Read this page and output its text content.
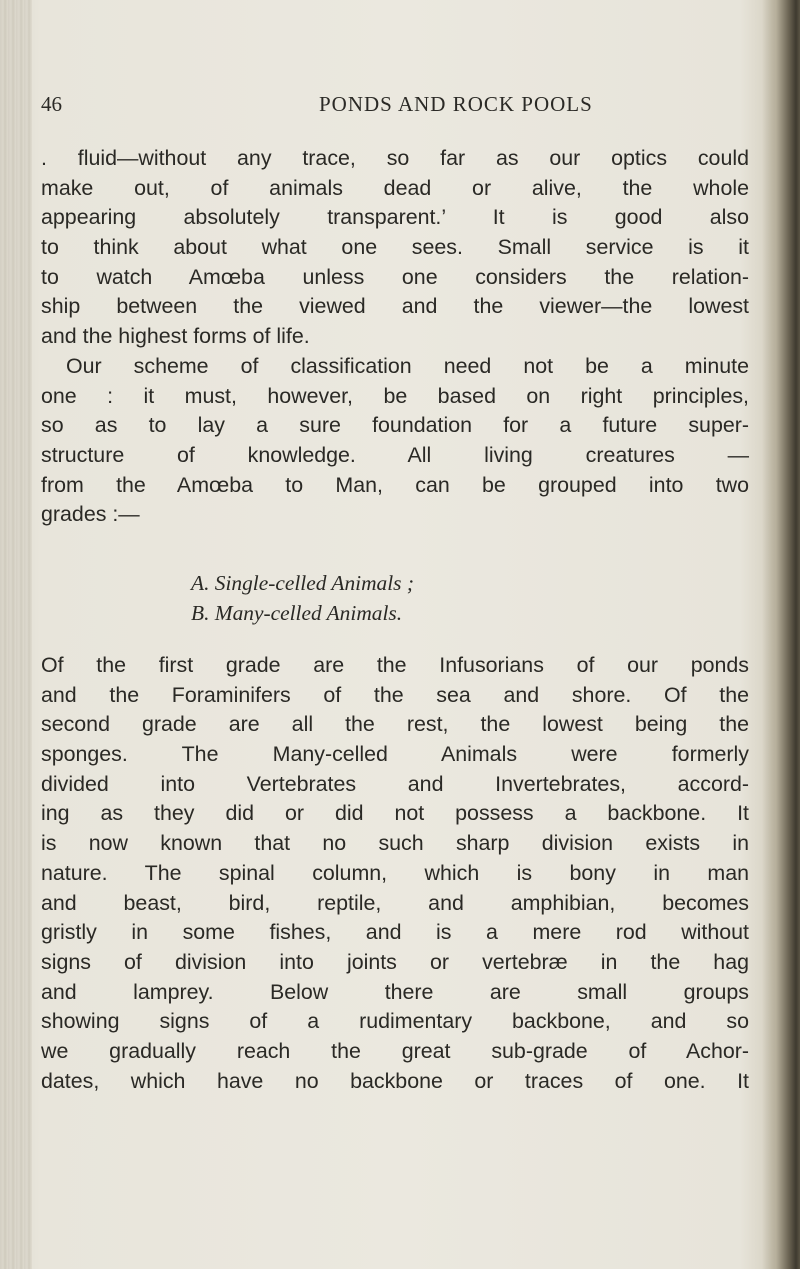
46	PONDS AND ROCK POOLS
. fluid—without any trace, so far as our optics could
make out, of animals dead or alive, the whole
appearing absolutely transparent.’ It is good also
to think about what one sees. Small service is it
to watch Amœba unless one considers the relation-
ship between the viewed and the viewer—the lowest
and the highest forms of life.
Our scheme of classification need not be a minute
one : it must, however, be based on right principles,
so as to lay a sure foundation for a future super-
structure of knowledge. All living creatures —
from the Amœba to Man, can be grouped into two
grades :—
A. Single-celled Animals ;
B. Many-celled Animals.
Of the first grade are the Infusorians of our ponds
and the Foraminifers of the sea and shore. Of the
second grade are all the rest, the lowest being the
sponges. The Many-celled Animals were formerly
divided into Vertebrates and Invertebrates, accord-
ing as they did or did not possess a backbone. It
is now known that no such sharp division exists in
nature. The spinal column, which is bony in man
and beast, bird, reptile, and amphibian, becomes
gristly in some fishes, and is a mere rod without
signs of division into joints or vertebræ in the hag
and lamprey. Below there are small groups
showing signs of a rudimentary backbone, and so
we gradually reach the great sub-grade of Achor-
dates, which have no backbone or traces of one. It
